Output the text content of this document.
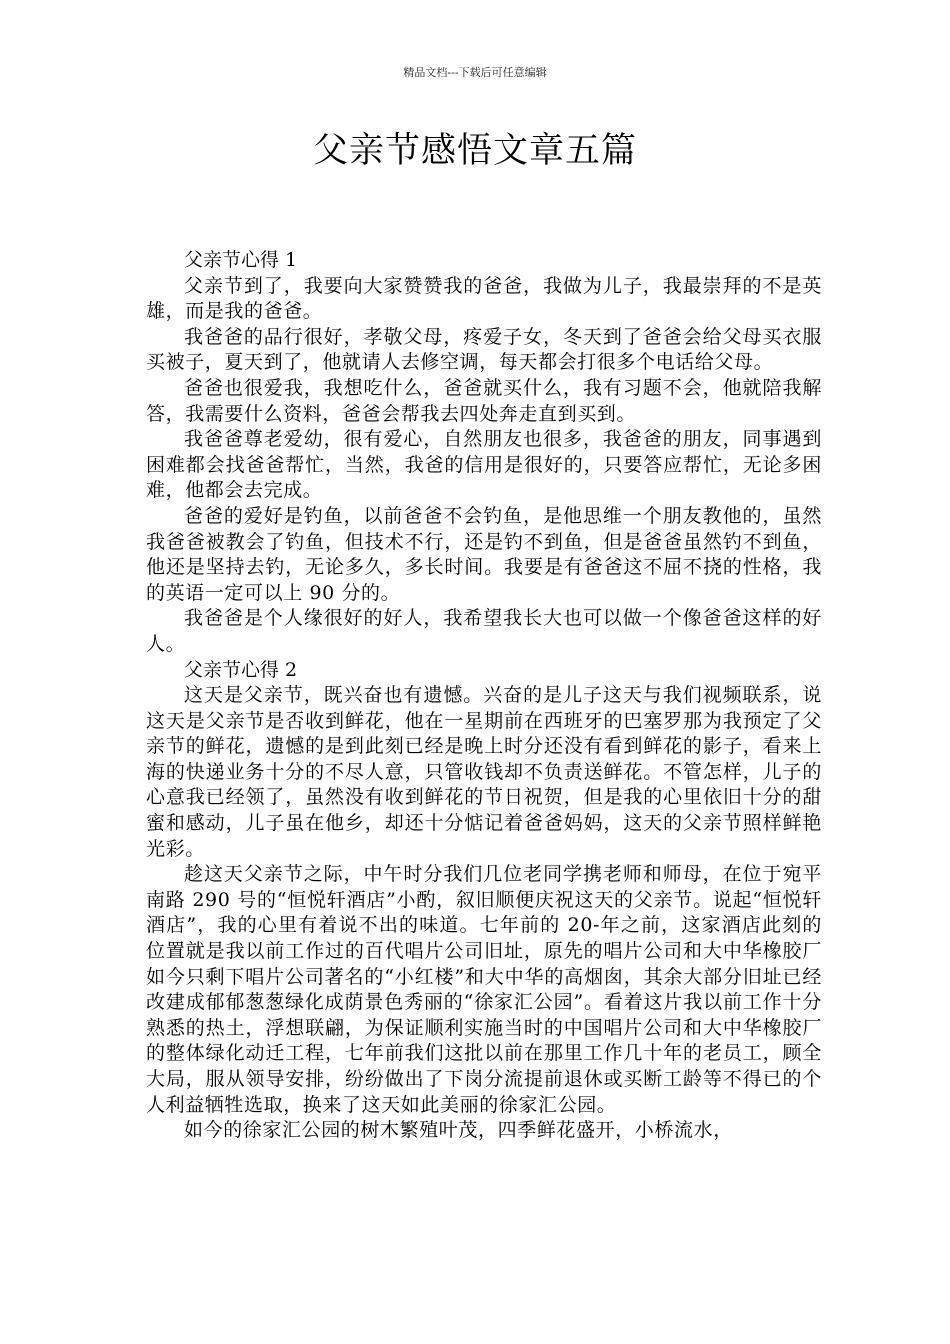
精品文档---下载后可任意编辑
父亲节感悟文章五篇

父亲节心得 1

父亲节到了，我要向大家赞赞我的爸爸，我做为儿子，我最崇拜的不是英雄，而是我的爸爸。

我爸爸的品行很好，孝敬父母，疼爱子女，冬天到了爸爸会给父母买衣服买被子，夏天到了，他就请人去修空调，每天都会打很多个电话给父母。

爸爸也很爱我，我想吃什么，爸爸就买什么，我有习题不会，他就陪我解答，我需要什么资料，爸爸会帮我去四处奔走直到买到。

我爸爸尊老爱幼，很有爱心，自然朋友也很多，我爸爸的朋友，同事遇到困难都会找爸爸帮忙，当然，我爸的信用是很好的，只要答应帮忙，无论多困难，他都会去完成。

爸爸的爱好是钓鱼，以前爸爸不会钓鱼，是他思维一个朋友教他的，虽然我爸爸被教会了钓鱼，但技术不行，还是钓不到鱼，但是爸爸虽然钓不到鱼，他还是坚持去钓，无论多久，多长时间。我要是有爸爸这不屈不挠的性格，我的英语一定可以上 90 分的。

我爸爸是个人缘很好的好人，我希望我长大也可以做一个像爸爸这样的好人。

父亲节心得 2

这天是父亲节，既兴奋也有遗憾。兴奋的是儿子这天与我们视频联系，说这天是父亲节是否收到鲜花，他在一星期前在西班牙的巴塞罗那为我预定了父亲节的鲜花，遗憾的是到此刻已经是晚上时分还没有看到鲜花的影子，看来上海的快递业务十分的不尽人意，只管收钱却不负责送鲜花。不管怎样，儿子的心意我已经领了，虽然没有收到鲜花的节日祝贺，但是我的心里依旧十分的甜蜜和感动，儿子虽在他乡，却还十分惦记着爸爸妈妈，这天的父亲节照样鲜艳光彩。

趁这天父亲节之际，中午时分我们几位老同学携老师和师母，在位于宛平南路 290 号的“恒悦轩酒店”小酌，叙旧顺便庆祝这天的父亲节。说起“恒悦轩酒店”，我的心里有着说不出的味道。七年前的 20-年之前，这家酒店此刻的位置就是我以前工作过的百代唱片公司旧址，原先的唱片公司和大中华橡胶厂如今只剩下唱片公司著名的“小红楼”和大中华的高烟囱，其余大部分旧址已经改建成郁郁葱葱绿化成荫景色秀丽的“徐家汇公园”。看着这片我以前工作十分熟悉的热土，浮想联翩，为保证顺利实施当时的中国唱片公司和大中华橡胶厂的整体绿化动迁工程，七年前我们这批以前在那里工作几十年的老员工，顾全大局，服从领导安排，纷纷做出了下岗分流提前退休或买断工龄等不得已的个人利益牺牲选取，换来了这天如此美丽的徐家汇公园。

如今的徐家汇公园的树木繁殖叶茂，四季鲜花盛开，小桥流水，
